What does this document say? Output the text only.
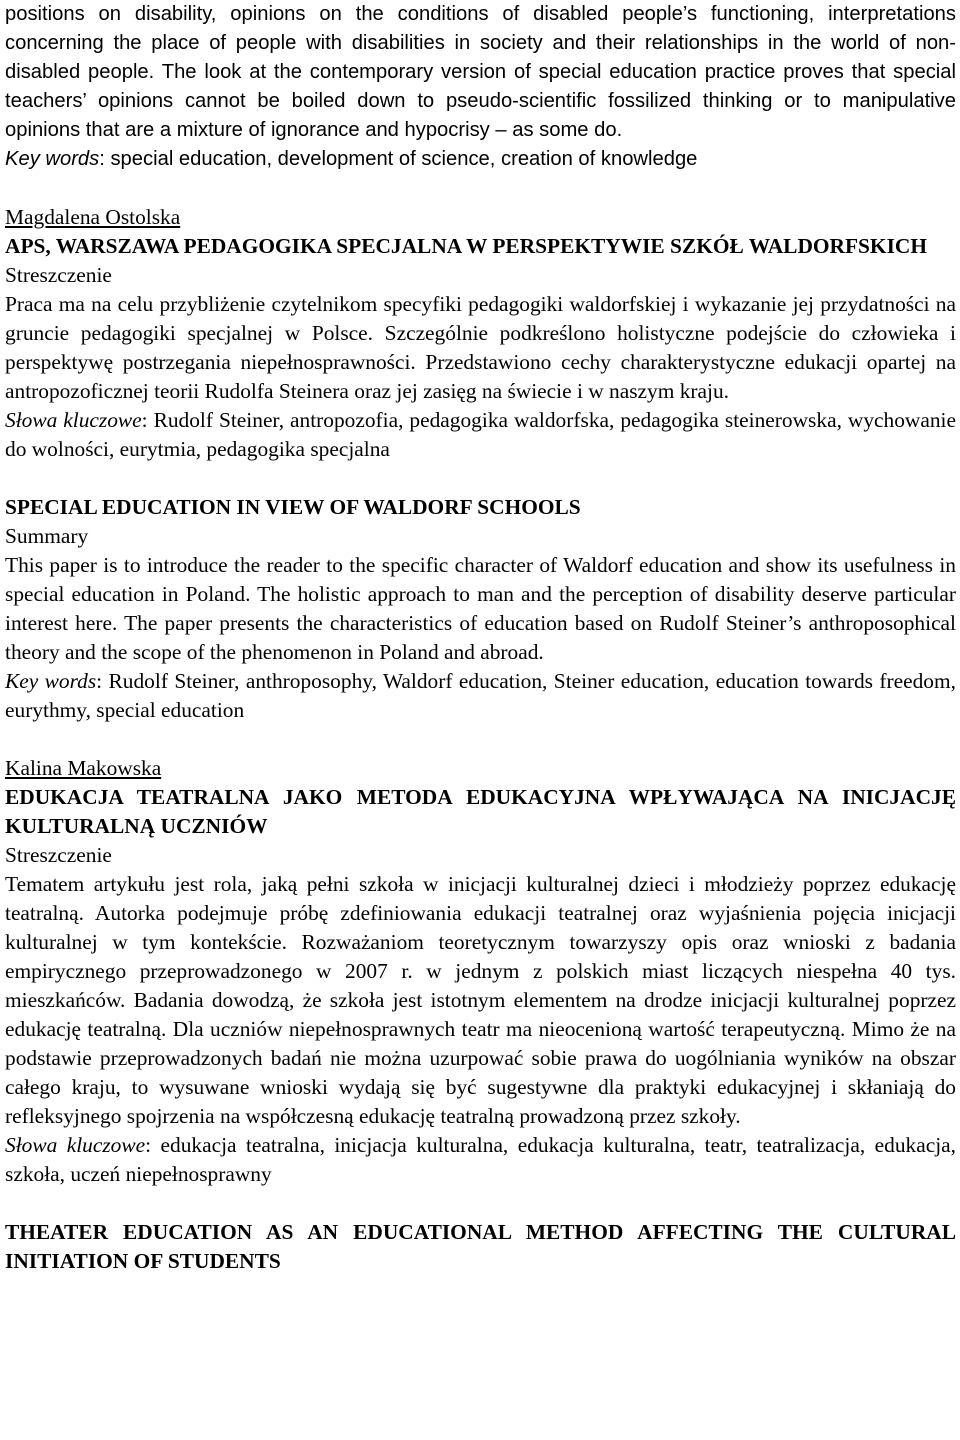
positions on disability, opinions on the conditions of disabled people’s functioning, interpretations concerning the place of people with disabilities in society and their relationships in the world of non-disabled people. The look at the contemporary version of special education practice proves that special teachers’ opinions cannot be boiled down to pseudo-scientific fossilized thinking or to manipulative opinions that are a mixture of ignorance and hypocrisy – as some do.

Key words: special education, development of science, creation of knowledge

Magdalena Ostolska
APS, WARSZAWA PEDAGOGIKA SPECJALNA W PERSPEKTYWIE SZKÓŁ WALDORFSKICH
Streszczenie

Praca ma na celu przybliżenie czytelnikom specyfiki pedagogiki waldorfskiej i wykazanie jej przydatności na gruncie pedagogiki specjalnej w Polsce. Szczególnie podkreślono holistyczne podejście do człowieka i perspektywę postrzegania niepełnosprawności. Przedstawiono cechy charakterystyczne edukacji opartej na antropozoficznej teorii Rudolfa Steinera oraz jej zasięg na świecie i w naszym kraju.

Słowa kluczowe: Rudolf Steiner, antropozofia, pedagogika waldorfska, pedagogika steinerowska, wychowanie do wolności, eurytmia, pedagogika specjalna

SPECIAL EDUCATION IN VIEW OF WALDORF SCHOOLS
Summary

This paper is to introduce the reader to the specific character of Waldorf education and show its usefulness in special education in Poland. The holistic approach to man and the perception of disability deserve particular interest here. The paper presents the characteristics of education based on Rudolf Steiner’s anthroposophical theory and the scope of the phenomenon in Poland and abroad.

Key words: Rudolf Steiner, anthroposophy, Waldorf education, Steiner education, education towards freedom, eurythmy, special education

Kalina Makowska
EDUKACJA TEATRALNA JAKO METODA EDUKACYJNA WPŁYWAJĄCA NA INICJACJĘ KULTURALNĄ UCZNIÓW
Streszczenie

Tematem artykułu jest rola, jaką pełni szkoła w inicjacji kulturalnej dzieci i młodzieży poprzez edukację teatralną. Autorka podejmuje próbę zdefiniowania edukacji teatralnej oraz wyjaśnienia pojęcia inicjacji kulturalnej w tym kontekście. Rozważaniom teoretycznym towarzyszy opis oraz wnioski z badania empirycznego przeprowadzonego w 2007 r. w jednym z polskich miast liczących niespełna 40 tys. mieszkańców. Badania dowodzą, że szkoła jest istotnym elementem na drodze inicjacji kulturalnej poprzez edukację teatralną. Dla uczniów niepełnosprawnych teatr ma nieocenioną wartość terapeutyczną. Mimo że na podstawie przeprowadzonych badań nie można uzurpować sobie prawa do uogólniania wyników na obszar całego kraju, to wysuwane wnioski wydają się być sugestywne dla praktyki edukacyjnej i skłaniają do refleksyjnego spojrzenia na współczesną edukację teatralną prowadzoną przez szkoły.

Słowa kluczowe: edukacja teatralna, inicjacja kulturalna, edukacja kulturalna, teatr, teatralizacja, edukacja, szkoła, uczeń niepełnosprawny

THEATER EDUCATION AS AN EDUCATIONAL METHOD AFFECTING THE CULTURAL INITIATION OF STUDENTS
